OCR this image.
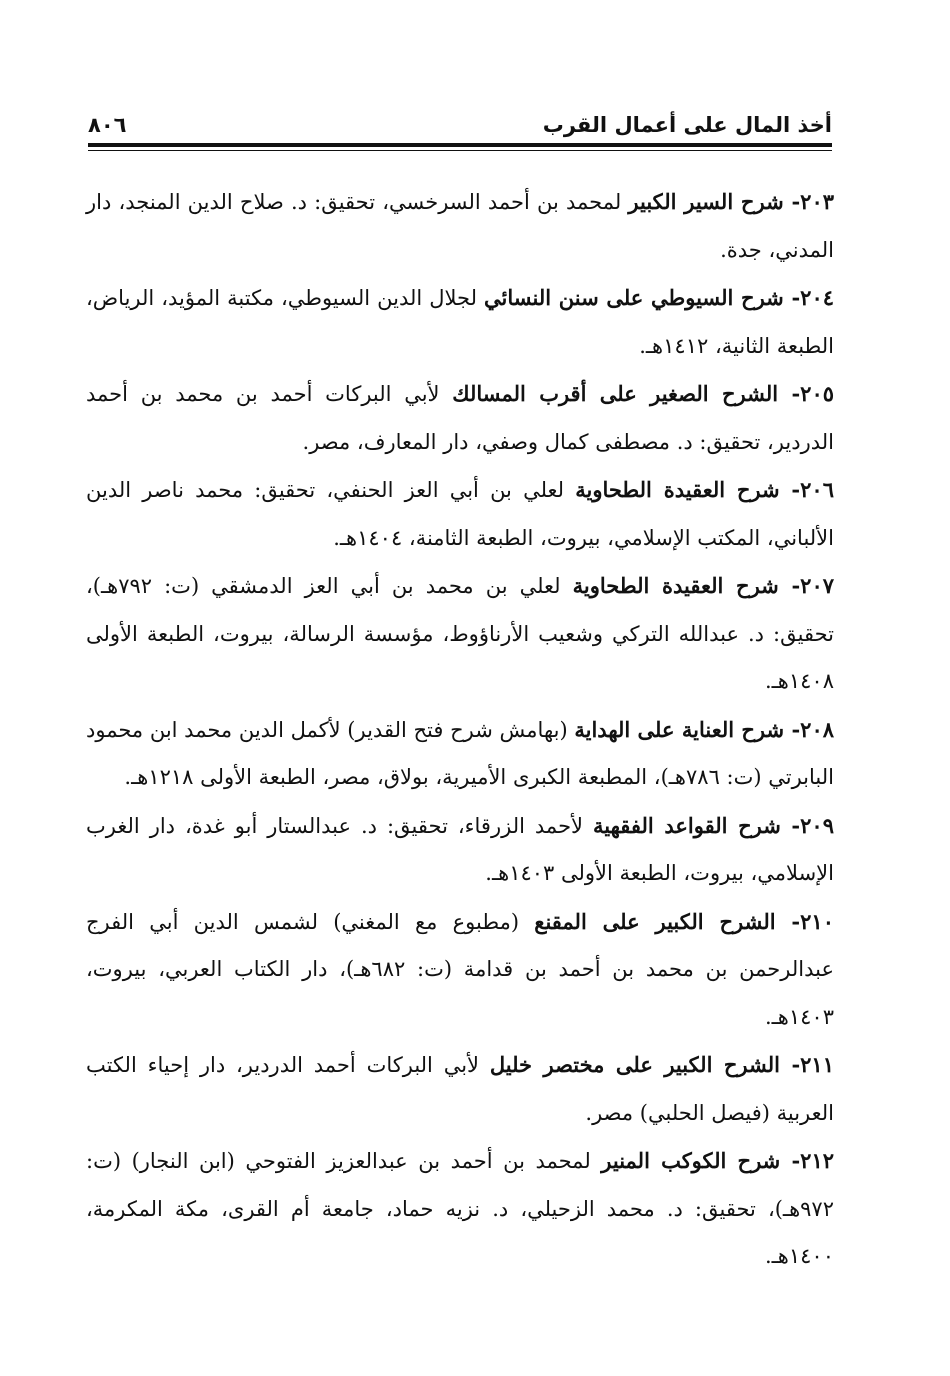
أخذ المال على أعمال القرب
٨٠٦

٢٠٣- شرح السير الكبير لمحمد بن أحمد السرخسي، تحقيق: د. صلاح الدين المنجد، دار المدني، جدة.

٢٠٤- شرح السيوطي على سنن النسائي لجلال الدين السيوطي، مكتبة المؤيد، الرياض، الطبعة الثانية، ١٤١٢هـ.

٢٠٥- الشرح الصغير على أقرب المسالك لأبي البركات أحمد بن محمد بن أحمد الدردير، تحقيق: د. مصطفى كمال وصفي، دار المعارف، مصر.

٢٠٦- شرح العقيدة الطحاوية لعلي بن أبي العز الحنفي، تحقيق: محمد ناصر الدين الألباني، المكتب الإسلامي، بيروت، الطبعة الثامنة، ١٤٠٤هـ.

٢٠٧- شرح العقيدة الطحاوية لعلي بن محمد بن أبي العز الدمشقي (ت: ٧٩٢هـ)، تحقيق: د. عبدالله التركي وشعيب الأرناؤوط، مؤسسة الرسالة، بيروت، الطبعة الأولى ١٤٠٨هـ.

٢٠٨- شرح العناية على الهداية (بهامش شرح فتح القدير) لأكمل الدين محمد ابن محمود البابرتي (ت: ٧٨٦هـ)، المطبعة الكبرى الأميرية، بولاق، مصر، الطبعة الأولى ١٢١٨هـ.

٢٠٩- شرح القواعد الفقهية لأحمد الزرقاء، تحقيق: د. عبدالستار أبو غدة، دار الغرب الإسلامي، بيروت، الطبعة الأولى ١٤٠٣هـ.

٢١٠- الشرح الكبير على المقنع (مطبوع مع المغني) لشمس الدين أبي الفرج عبدالرحمن بن محمد بن أحمد بن قدامة (ت: ٦٨٢هـ)، دار الكتاب العربي، بيروت، ١٤٠٣هـ.

٢١١- الشرح الكبير على مختصر خليل لأبي البركات أحمد الدردير، دار إحياء الكتب العربية (فيصل الحلبي) مصر.

٢١٢- شرح الكوكب المنير لمحمد بن أحمد بن عبدالعزيز الفتوحي (ابن النجار) (ت: ٩٧٢هـ)، تحقيق: د. محمد الزحيلي، د. نزيه حماد، جامعة أم القرى، مكة المكرمة، ١٤٠٠هـ.
